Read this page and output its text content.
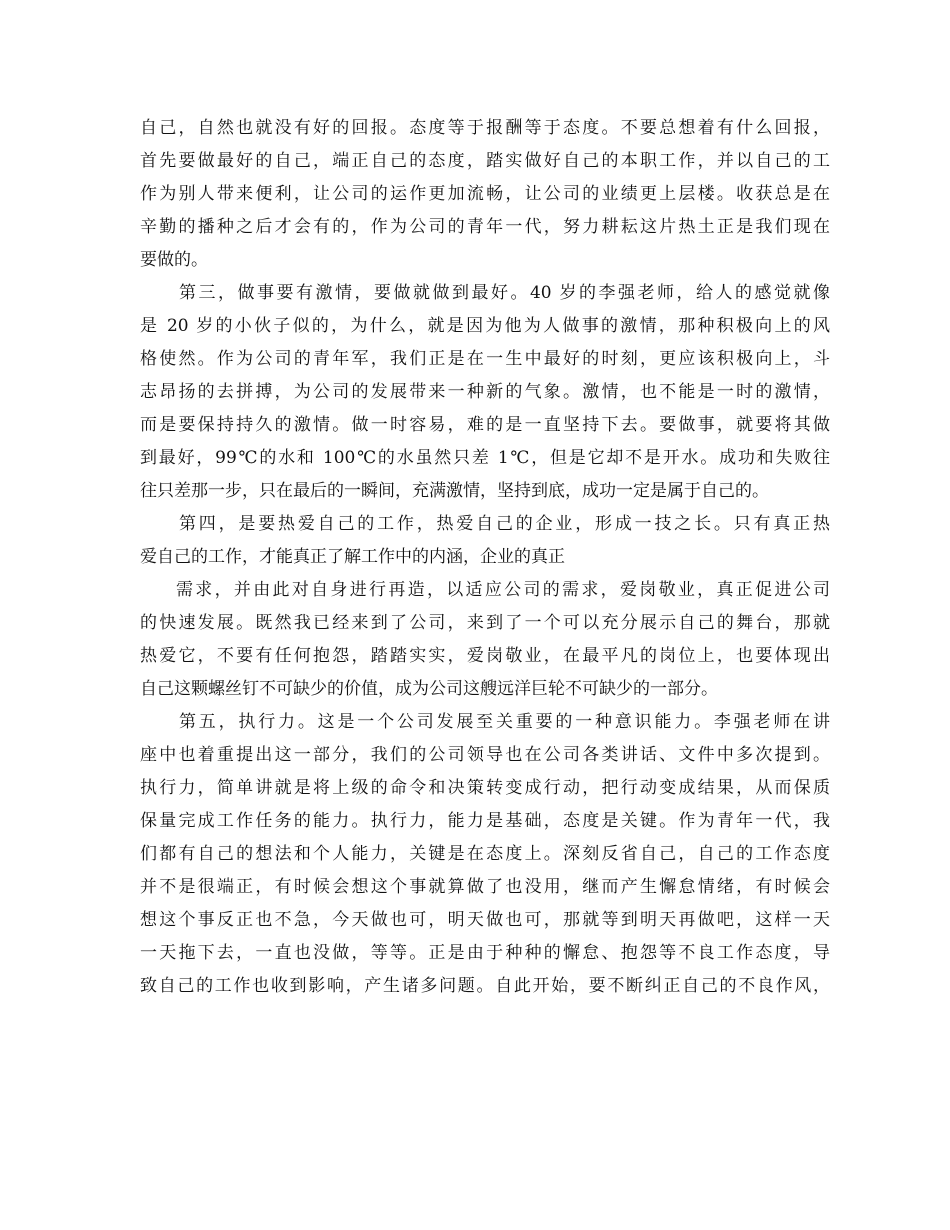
自己，自然也就没有好的回报。态度等于报酬等于态度。不要总想着有什么回报，
首先要做最好的自己，端正自己的态度，踏实做好自己的本职工作，并以自己的工
作为别人带来便利，让公司的运作更加流畅，让公司的业绩更上层楼。收获总是在
辛勤的播种之后才会有的，作为公司的青年一代，努力耕耘这片热土正是我们现在
要做的。
第三，做事要有激情，要做就做到最好。40 岁的李强老师，给人的感觉就像
是 20 岁的小伙子似的，为什么，就是因为他为人做事的激情，那种积极向上的风
格使然。作为公司的青年军，我们正是在一生中最好的时刻，更应该积极向上，斗
志昂扬的去拼搏，为公司的发展带来一种新的气象。激情，也不能是一时的激情，
而是要保持持久的激情。做一时容易，难的是一直坚持下去。要做事，就要将其做
到最好，99℃的水和 100℃的水虽然只差 1℃，但是它却不是开水。成功和失败往
往只差那一步，只在最后的一瞬间，充满激情，坚持到底，成功一定是属于自己的。
第四，是要热爱自己的工作，热爱自己的企业，形成一技之长。只有真正热
爱自己的工作，才能真正了解工作中的内涵，企业的真正
需求，并由此对自身进行再造，以适应公司的需求，爱岗敬业，真正促进公司
的快速发展。既然我已经来到了公司，来到了一个可以充分展示自己的舞台，那就
热爱它，不要有任何抱怨，踏踏实实，爱岗敬业，在最平凡的岗位上，也要体现出
自己这颗螺丝钉不可缺少的价值，成为公司这艘远洋巨轮不可缺少的一部分。
第五，执行力。这是一个公司发展至关重要的一种意识能力。李强老师在讲
座中也着重提出这一部分，我们的公司领导也在公司各类讲话、文件中多次提到。
执行力，简单讲就是将上级的命令和决策转变成行动，把行动变成结果，从而保质
保量完成工作任务的能力。执行力，能力是基础，态度是关键。作为青年一代，我
们都有自己的想法和个人能力，关键是在态度上。深刻反省自己，自己的工作态度
并不是很端正，有时候会想这个事就算做了也没用，继而产生懈怠情绪，有时候会
想这个事反正也不急，今天做也可，明天做也可，那就等到明天再做吧，这样一天
一天拖下去，一直也没做，等等。正是由于种种的懈怠、抱怨等不良工作态度，导
致自己的工作也收到影响，产生诸多问题。自此开始，要不断纠正自己的不良作风，
